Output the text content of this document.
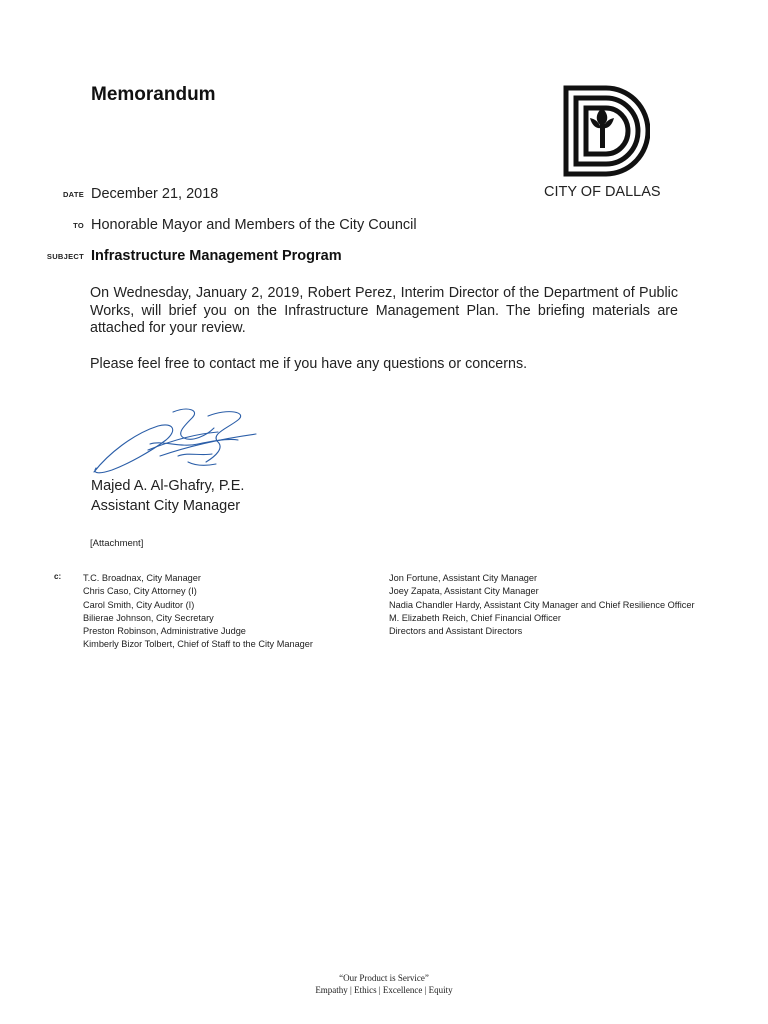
Memorandum
CITY OF DALLAS
DATE December 21, 2018
TO Honorable Mayor and Members of the City Council
SUBJECT Infrastructure Management Program
On Wednesday, January 2, 2019, Robert Perez, Interim Director of the Department of Public Works, will brief you on the Infrastructure Management Plan. The briefing materials are attached for your review.
Please feel free to contact me if you have any questions or concerns.
Majed A. Al-Ghafry, P.E.
Assistant City Manager
[Attachment]
c: T.C. Broadnax, City Manager
Chris Caso, City Attorney (I)
Carol Smith, City Auditor (I)
Bilierae Johnson, City Secretary
Preston Robinson, Administrative Judge
Kimberly Bizor Tolbert, Chief of Staff to the City Manager
Jon Fortune, Assistant City Manager
Joey Zapata, Assistant City Manager
Nadia Chandler Hardy, Assistant City Manager and Chief Resilience Officer
M. Elizabeth Reich, Chief Financial Officer
Directors and Assistant Directors
“Our Product is Service”
Empathy | Ethics | Excellence | Equity
